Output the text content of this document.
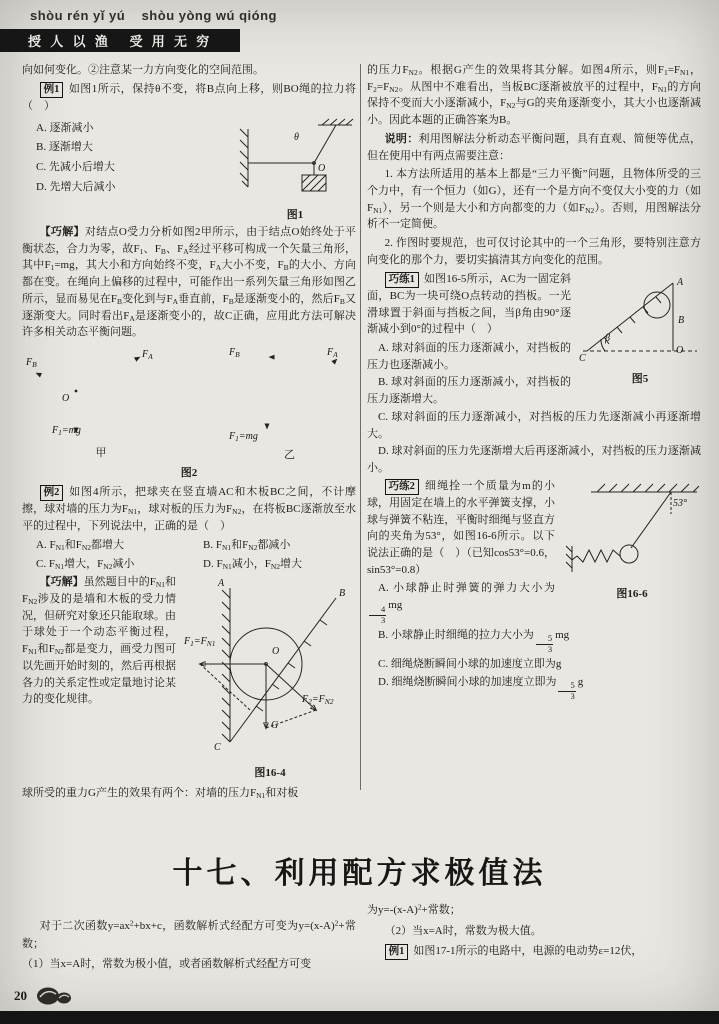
shòu rén yǐ yú    shòu yòng wú qióng
授 人 以 渔   受 用 无 穷

向如何变化。②注意某一力方向变化的空间范围。

例1 如图1所示，保持θ不变，将B点向上移，则BO绳的拉力将（　）

A. 逐渐减小
B. 逐渐增大
C. 先减小后增大
D. 先增大后减小
θ
O
图1

【巧解】对结点O受力分析如图2甲所示，由于结点O始终处于平衡状态，合力为零，故$F_1$、$F_B$、$F_A$经过平移可构成一个矢量三角形，其中$F_1=mg$，其大小和方向始终不变，$F_A$大小不变，$F_B$的大小、方向都在变。在绳向上偏移的过程中，可能作出一系列矢量三角形如图乙所示，显而易见在$F_B$变化到与$F_A$垂直前，$F_B$是逐渐变小的，然后$F_B$又逐渐变大。同时看出$F_A$是逐渐变小的，故C正确，应用此方法可解决许多相关动态平衡问题。

$F_A$
$F_B$
O
$F_1=mg$
甲
$F_B$	$F_A$
$F_1=mg$
乙
图2

例2 如图4所示，把球夹在竖直墙AC和木板BC之间，不计摩擦，球对墙的压力为$F_{N1}$，球对板的压力为$F_{N2}$，在将板BC逐渐放至水平的过程中，下列说法中，正确的是（　）

A. $F_{N1}$和$F_{N2}$都增大	B. $F_{N1}$和$F_{N2}$都减小
C. $F_{N1}$增大，$F_{N2}$减小	D. $F_{N1}$减小，$F_{N2}$增大
A
B
O
C
G
$F_1=F_{N1}$
$F_2=F_{N2}$
图16-4

【巧解】虽然题目中的$F_{N1}$和$F_{N2}$涉及的是墙和木板的受力情况，但研究对象还只能取球。由于球处于一个动态平衡过程，$F_{N1}$和$F_{N2}$都是变力，画受力图可以先画开始时刻的，然后再根据各力的关系定性或定量地讨论某力的变化规律。

球所受的重力G产生的效果有两个：对墙的压力$F_{N1}$和对板

的压力$F_{N2}$。根据G产生的效果将其分解。如图4所示，则$F_1=F_{N1}$，$F_2=F_{N2}$。从图中不难看出，当板BC逐渐被放平的过程中，$F_{N1}$的方向保持不变而大小逐渐减小，$F_{N2}$与G的夹角逐渐变小，其大小也逐渐减小。因此本题的正确答案为B。

说明：利用图解法分析动态平衡问题，具有直观、简便等优点，但在使用中有两点需要注意：

1. 本方法所适用的基本上都是“三力平衡”问题，且物体所受的三个力中，有一个恒力（如G），还有一个是方向不变仅大小变的力（如$F_{N1}$），另一个则是大小和方向都变的力（如$F_{N2}$）。否则，用图解法分析不一定简便。

2. 作图时要规范，也可仅讨论其中的一个三角形，要特别注意方向变化的那个力，要切实搞清其方向变化的范围。

A
B
O
C
β
图5

巧练1 如图16-5所示，AC为一固定斜面，BC为一块可绕O点转动的挡板。一光滑球置于斜面与挡板之间，当β角由90°逐渐减小到0°的过程中（　）

A. 球对斜面的压力逐渐减小，对挡板的压力也逐渐减小。

B. 球对斜面的压力逐渐减小，对挡板的压力逐渐增大。

C. 球对斜面的压力逐渐减小，对挡板的压力先逐渐减小再逐渐增大。

D. 球对斜面的压力先逐渐增大后再逐渐减小，对挡板的压力逐渐减小。

53°
图16-6

巧练2 细绳拴一个质量为m的小球，用固定在墙上的水平弹簧支撑，小球与弹簧不粘连，平衡时细绳与竖直方向的夹角为53°，如图16-6所示。以下说法正确的是（　）（已知cos53°=0.6，sin53°=0.8）

A. 小球静止时弹簧的弹力大小为
$\frac{4}{3}$ mg

B. 小球静止时细绳的拉力大小为 $\frac{5}{3}$ mg

C. 细绳烧断瞬间小球的加速度立即为g

D. 细绳烧断瞬间小球的加速度立即为 $\frac{5}{3}$ g

十七、利用配方求极值法

对于二次函数$y=ax^2+bx+c$，函数解析式经配方可变为$y=(x-A)^2+$常数；

（1）当x=A时，常数为极小值，或者函数解析式经配方可变

为$y=-(x-A)^2+$常数；

（2）当x=A时，常数为极大值。

例1 如图17-1所示的电路中，电源的电动势ε=12伏，

20
